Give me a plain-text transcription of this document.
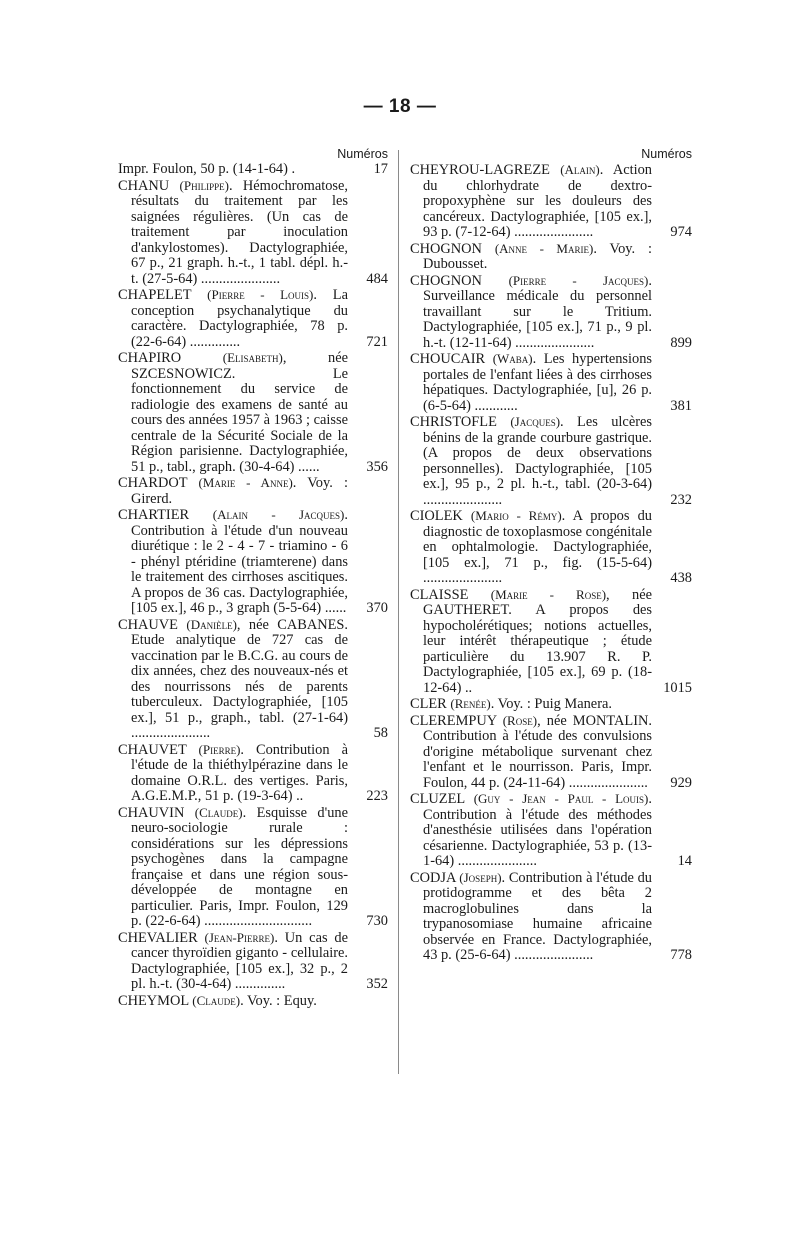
— 18 —
Numéros
Impr. Foulon, 50 p. (14-1-64) .	17
CHANU (Philippe). Hémochromatose, résultats du traitement par les saignées régulières. (Un cas de traitement par inoculation d'ankylostomes). Dactylographiée, 67 p., 21 graph. h.-t., 1 tabl. dépl. h.-t. (27-5-64) ......................	484
CHAPELET (Pierre - Louis). La conception psychanalytique du caractère. Dactylographiée, 78 p. (22-6-64) ..............	721
CHAPIRO	(Elisabeth), née SZCESNOWICZ. Le fonctionnement du service de radiologie des examens de santé au cours des années 1957 à 1963 ; caisse centrale de la Sécurité Sociale de la Région parisienne. Dactylographiée, 51 p., tabl., graph. (30-4-64) ......	356
CHARDOT (Marie - Anne). Voy. : Girerd.
CHARTIER (Alain - Jacques). Contribution à l'étude d'un nouveau diurétique : le 2 - 4 - 7 - triamino - 6 - phényl ptéridine (triamterene) dans le traitement des cirrhoses ascitiques. A propos de 36 cas. Dactylographiée, [105 ex.], 46 p., 3 graph (5-5-64) ...... 370
CHAUVE (Danièle), née CABANES. Etude analytique de 727 cas de vaccination par le B.C.G. au cours de dix années, chez des nouveaux-nés et des nourrissons nés de parents tuberculeux. Dactylographiée, [105 ex.], 51 p., graph., tabl. (27-1-64) ......................	58
CHAUVET (Pierre). Contribution à l'étude de la thiéthylpérazine dans le domaine O.R.L. des vertiges. Paris, A.G.E.M.P., 51 p. (19-3-64) ..	223
CHAUVIN (Claude). Esquisse d'une neuro-sociologie rurale : considérations sur les dépressions psychogènes dans la campagne française et dans une région sous-développée de montagne en particulier. Paris, Impr. Foulon, 129 p. (22-6-64) ..............................	730
CHEVALIER (Jean-Pierre). Un cas de cancer thyroïdien giganto - cellulaire. Dactylographiée, [105 ex.], 32 p., 2 pl. h.-t. (30-4-64) ..............	352
CHEYMOL (Claude). Voy. : Equy.
Numéros
CHEYROU-LAGREZE (Alain). Action du chlorhydrate de dextro-propoxyphène sur les douleurs des cancéreux. Dactylographiée, [105 ex.], 93 p. (7-12-64) ......................	974
CHOGNON (Anne - Marie). Voy. : Dubousset.
CHOGNON (Pierre - Jacques). Surveillance médicale du personnel travaillant sur le Tritium. Dactylographiée, [105 ex.], 71 p., 9 pl. h.-t. (12-11-64) ......................	899
CHOUCAIR (Waba). Les hypertensions portales de l'enfant liées à des cirrhoses hépatiques. Dactylographiée, [u], 26 p. (6-5-64) ............	381
CHRISTOFLE (Jacques). Les ulcères bénins de la grande courbure gastrique. (A propos de deux observations personnelles). Dactylographiée, [105 ex.], 95 p., 2 pl. h.-t., tabl. (20-3-64) ......................	232
CIOLEK (Mario - Rémy). A propos du diagnostic de toxoplasmose congénitale en ophtalmologie. Dactylographiée, [105 ex.], 71 p., fig. (15-5-64) ......................	438
CLAISSE (Marie - Rose), née GAUTHERET. A propos des hypocholérétiques; notions actuelles, leur intérêt thérapeutique ; étude particulière du 13.907 R. P. Dactylographiée, [105 ex.], 69 p. (18-12-64) ..	1015
CLER (Renée). Voy. : Puig Manera.
CLEREMPUY (Rose), née MONTALIN. Contribution à l'étude des convulsions d'origine métabolique survenant chez l'enfant et le nourrisson. Paris, Impr. Foulon, 44 p. (24-11-64) ...................... 929
CLUZEL (Guy - Jean - Paul - Louis). Contribution à l'étude des méthodes d'anesthésie utilisées dans l'opération césarienne. Dactylographiée, 53 p. (13-1-64) ......................	14
CODJA (Joseph). Contribution à l'étude du protidogramme et des bêta 2 macroglobulines dans la trypanosomiase humaine africaine observée en France. Dactylographiée, 43 p. (25-6-64) ......................	778
